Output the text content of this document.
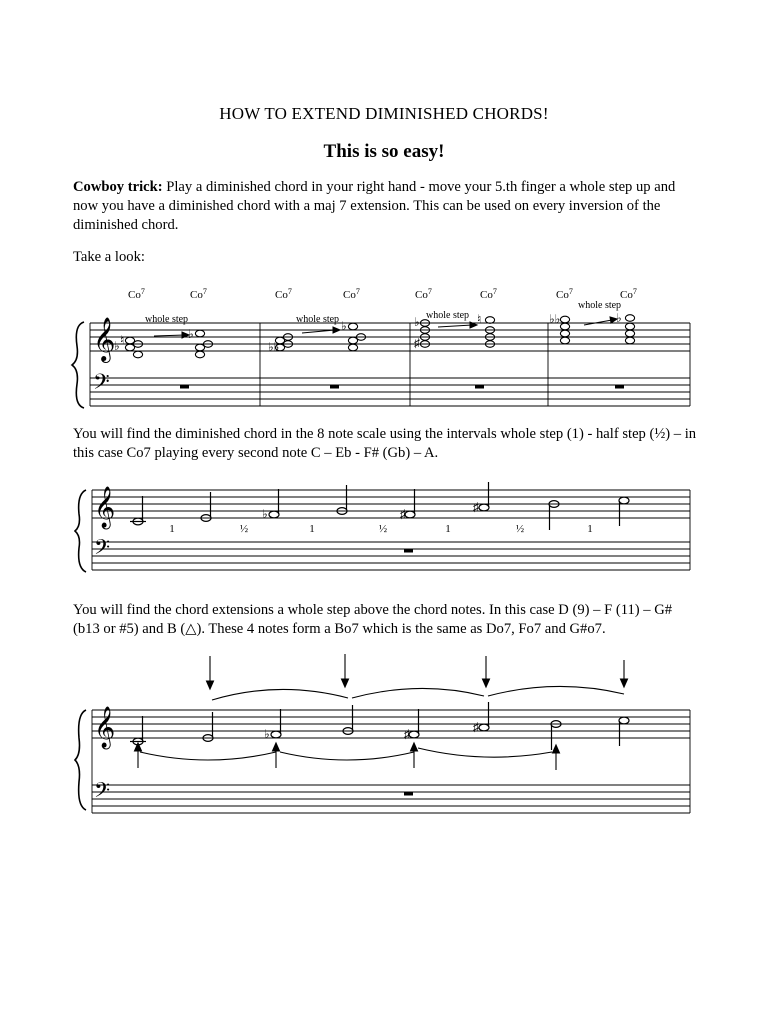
HOW TO EXTEND DIMINISHED CHORDS!
This is so easy!
Cowboy trick: Play a diminished chord in your right hand - move your 5.th finger a whole step up and now you have a diminished chord with a maj 7 extension. This can be used on every inversion of the diminished chord.
Take a look:
𝄞
𝄢
Co$^7$	Co$^7$	Co$^7$	Co$^7$	Co$^7$	Co$^7$	Co$^7$	Co$^7$
whole step	whole step	whole step
whole step
♭ ♮	♭
♭♭
♭
♯
♭	♮	♭♭	♭
You will find the diminished chord in the 8 note scale using the intervals whole step (1) - half step (½) – in this case Co7 playing every second note C – Eb - F# (Gb) – A.
𝄞
𝄢
♭	♯	♯
1	½	1	½	1	½	1
You will find the chord extensions a whole step above the chord notes. In this case D (9) – F (11) – G# (b13 or #5) and B (△). These 4 notes form a Bo7 which is the same as Do7, Fo7 and G#o7.
𝄞
𝄢
♭	♯	♯
